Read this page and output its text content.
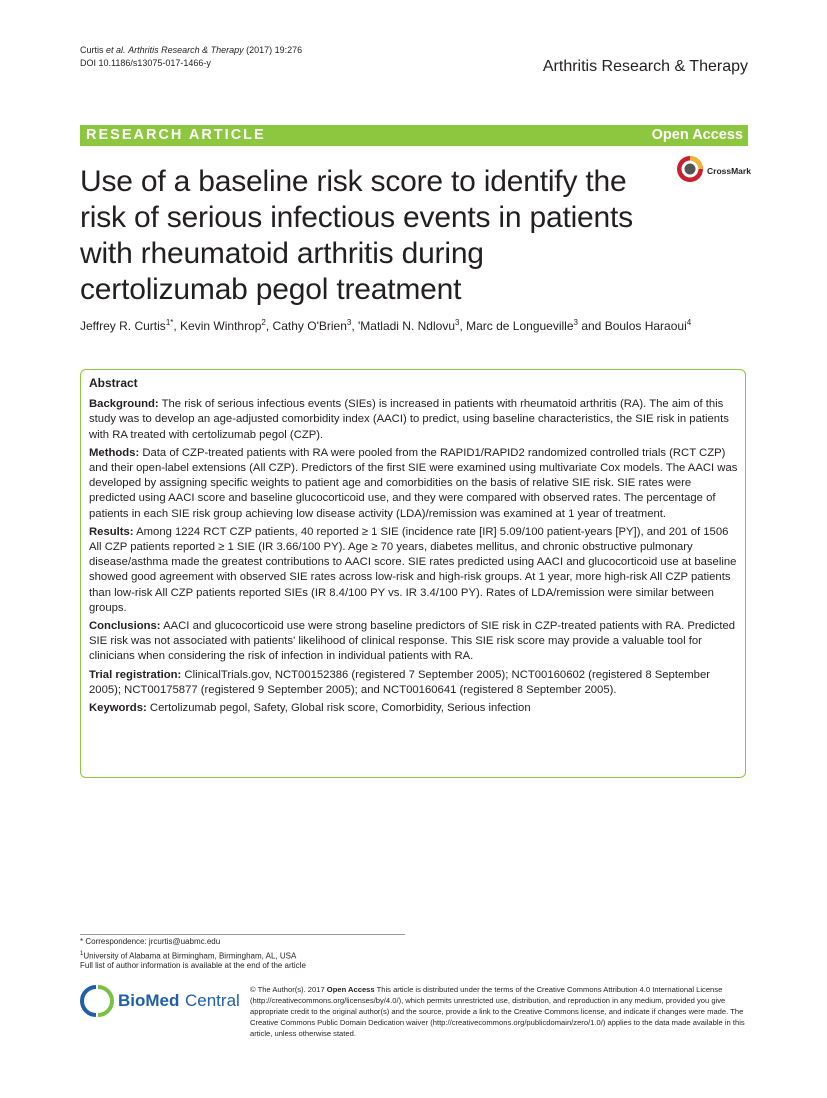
Curtis et al. Arthritis Research & Therapy (2017) 19:276
DOI 10.1186/s13075-017-1466-y	Arthritis Research & Therapy
RESEARCH ARTICLE	Open Access
Use of a baseline risk score to identify the
risk of serious infectious events in patients
with rheumatoid arthritis during
certolizumab pegol treatment
CrossMark
Jeffrey R. Curtis$^{1*}$, Kevin Winthrop$^2$, Cathy O'Brien$^3$, 'Matladi N. Ndlovu$^3$, Marc de Longueville$^3$ and Boulos Haraoui$^4$
Abstract

Background: The risk of serious infectious events (SIEs) is increased in patients with rheumatoid arthritis (RA). The aim of this study was to develop an age-adjusted comorbidity index (AACI) to predict, using baseline characteristics, the SIE risk in patients with RA treated with certolizumab pegol (CZP).

Methods: Data of CZP-treated patients with RA were pooled from the RAPID1/RAPID2 randomized controlled trials (RCT CZP) and their open-label extensions (All CZP). Predictors of the first SIE were examined using multivariate Cox models. The AACI was developed by assigning specific weights to patient age and comorbidities on the basis of relative SIE risk. SIE rates were predicted using AACI score and baseline glucocorticoid use, and they were compared with observed rates. The percentage of patients in each SIE risk group achieving low disease activity (LDA)/remission was examined at 1 year of treatment.

Results: Among 1224 RCT CZP patients, 40 reported ≥ 1 SIE (incidence rate [IR] 5.09/100 patient-years [PY]), and 201 of 1506 All CZP patients reported ≥ 1 SIE (IR 3.66/100 PY). Age ≥ 70 years, diabetes mellitus, and chronic obstructive pulmonary disease/asthma made the greatest contributions to AACI score. SIE rates predicted using AACI and glucocorticoid use at baseline showed good agreement with observed SIE rates across low-risk and high-risk groups. At 1 year, more high-risk All CZP patients than low-risk All CZP patients reported SIEs (IR 8.4/100 PY vs. IR 3.4/100 PY). Rates of LDA/remission were similar between groups.

Conclusions: AACI and glucocorticoid use were strong baseline predictors of SIE risk in CZP-treated patients with RA. Predicted SIE risk was not associated with patients' likelihood of clinical response. This SIE risk score may provide a valuable tool for clinicians when considering the risk of infection in individual patients with RA.

Trial registration: ClinicalTrials.gov, NCT00152386 (registered 7 September 2005); NCT00160602 (registered 8 September 2005); NCT00175877 (registered 9 September 2005); and NCT00160641 (registered 8 September 2005).

Keywords: Certolizumab pegol, Safety, Global risk score, Comorbidity, Serious infection

* Correspondence: jrcurtis@uabmc.edu
$^1$University of Alabama at Birmingham, Birmingham, AL, USA
Full list of author information is available at the end of the article
BioMed Central
© The Author(s). 2017 Open Access This article is distributed under the terms of the Creative Commons Attribution 4.0 International License (http://creativecommons.org/licenses/by/4.0/), which permits unrestricted use, distribution, and reproduction in any medium, provided you give appropriate credit to the original author(s) and the source, provide a link to the Creative Commons license, and indicate if changes were made. The Creative Commons Public Domain Dedication waiver (http://creativecommons.org/publicdomain/zero/1.0/) applies to the data made available in this article, unless otherwise stated.
